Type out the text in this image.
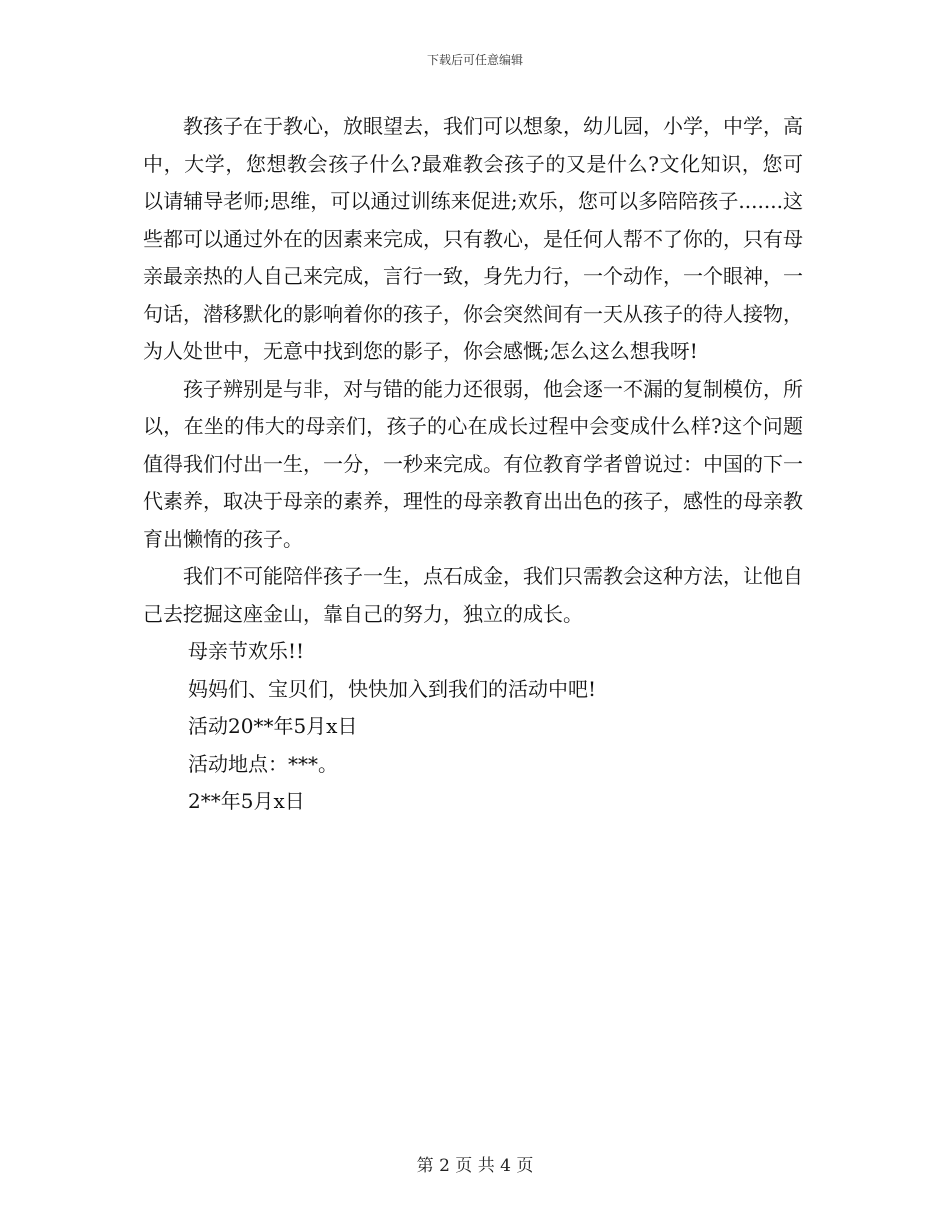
下载后可任意编辑

教孩子在于教心，放眼望去，我们可以想象，幼儿园，小学，中学，高中，大学，您想教会孩子什么?最难教会孩子的又是什么?文化知识，您可以请辅导老师;思维，可以通过训练来促进;欢乐，您可以多陪陪孩子.......这些都可以通过外在的因素来完成，只有教心，是任何人帮不了你的，只有母亲最亲热的人自己来完成，言行一致，身先力行，一个动作，一个眼神，一句话，潜移默化的影响着你的孩子，你会突然间有一天从孩子的待人接物，为人处世中，无意中找到您的影子，你会感慨;怎么这么想我呀!

孩子辨别是与非，对与错的能力还很弱，他会逐一不漏的复制模仿，所以，在坐的伟大的母亲们，孩子的心在成长过程中会变成什么样?这个问题值得我们付出一生，一分，一秒来完成。有位教育学者曾说过：中国的下一代素养，取决于母亲的素养，理性的母亲教育出出色的孩子，感性的母亲教育出懒惰的孩子。

我们不可能陪伴孩子一生，点石成金，我们只需教会这种方法，让他自己去挖掘这座金山，靠自己的努力，独立的成长。

母亲节欢乐!!

妈妈们、宝贝们，快快加入到我们的活动中吧!

活动20**年5月x日

活动地点：***。

2**年5月x日

第 2 页 共 4 页
